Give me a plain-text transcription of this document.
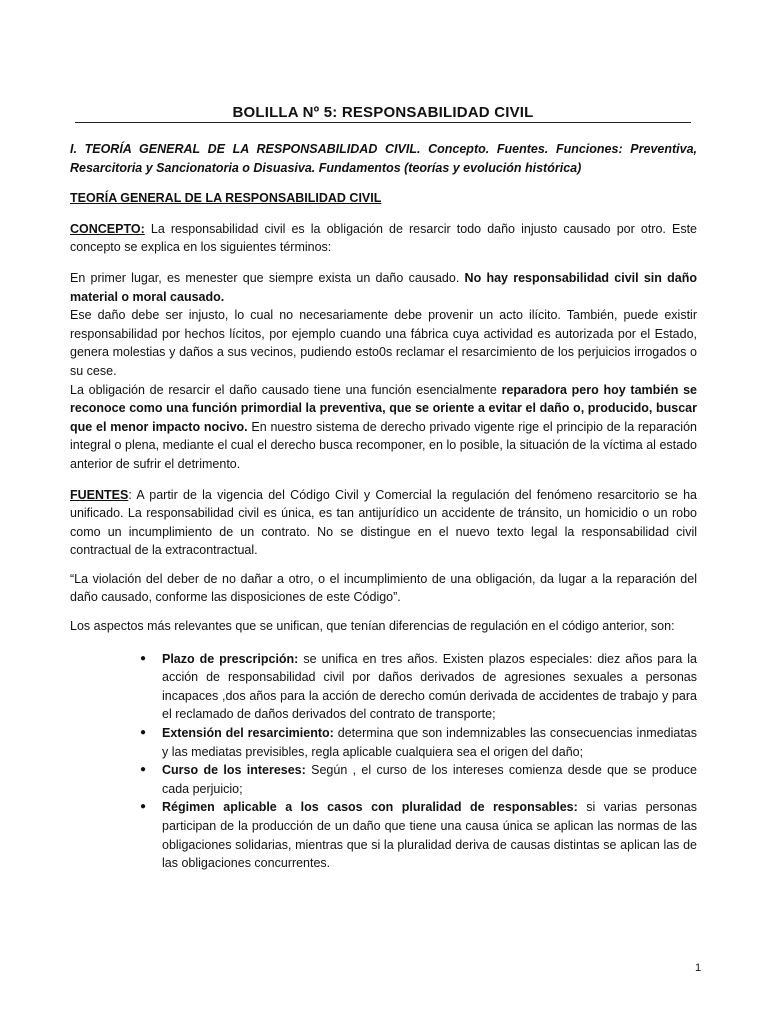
BOLILLA Nº 5: RESPONSABILIDAD CIVIL

I. TEORÍA GENERAL DE LA RESPONSABILIDAD CIVIL. Concepto. Fuentes. Funciones: Preventiva, Resarcitoria y Sancionatoria o Disuasiva. Fundamentos (teorías y evolución histórica)

TEORÍA GENERAL DE LA RESPONSABILIDAD CIVIL

CONCEPTO: La responsabilidad civil es la obligación de resarcir todo daño injusto causado por otro. Este concepto se explica en los siguientes términos:

En primer lugar, es menester que siempre exista un daño causado. No hay responsabilidad civil sin daño material o moral causado.

Ese daño debe ser injusto, lo cual no necesariamente debe provenir un acto ilícito. También, puede existir responsabilidad por hechos lícitos, por ejemplo cuando una fábrica cuya actividad es autorizada por el Estado, genera molestias y daños a sus vecinos, pudiendo esto0s reclamar el resarcimiento de los perjuicios irrogados o su cese.

La obligación de resarcir el daño causado tiene una función esencialmente reparadora pero hoy también se reconoce como una función primordial la preventiva, que se oriente a evitar el daño o, producido, buscar que el menor impacto nocivo. En nuestro sistema de derecho privado vigente rige el principio de la reparación integral o plena, mediante el cual el derecho busca recomponer, en lo posible, la situación de la víctima al estado anterior de sufrir el detrimento.

FUENTES: A partir de la vigencia del Código Civil y Comercial la regulación del fenómeno resarcitorio se ha unificado. La responsabilidad civil es única, es tan antijurídico un accidente de tránsito, un homicidio o un robo como un incumplimiento de un contrato. No se distingue en el nuevo texto legal la responsabilidad civil contractual de la extracontractual.

“La violación del deber de no dañar a otro, o el incumplimiento de una obligación, da lugar a la reparación del daño causado, conforme las disposiciones de este Código”.

Los aspectos más relevantes que se unifican, que tenían diferencias de regulación en el código anterior, son:

● Plazo de prescripción: se unifica en tres años. Existen plazos especiales: diez años para la acción de responsabilidad civil por daños derivados de agresiones sexuales a personas incapaces ,dos años para la acción de derecho común derivada de accidentes de trabajo y para el reclamado de daños derivados del contrato de transporte;
● Extensión del resarcimiento: determina que son indemnizables las consecuencias inmediatas y las mediatas previsibles, regla aplicable cualquiera sea el origen del daño;
● Curso de los intereses: Según , el curso de los intereses comienza desde que se produce cada perjuicio;
● Régimen aplicable a los casos con pluralidad de responsables: si varias personas participan de la producción de un daño que tiene una causa única se aplican las normas de las obligaciones solidarias, mientras que si la pluralidad deriva de causas distintas se aplican las de las obligaciones concurrentes.
1
